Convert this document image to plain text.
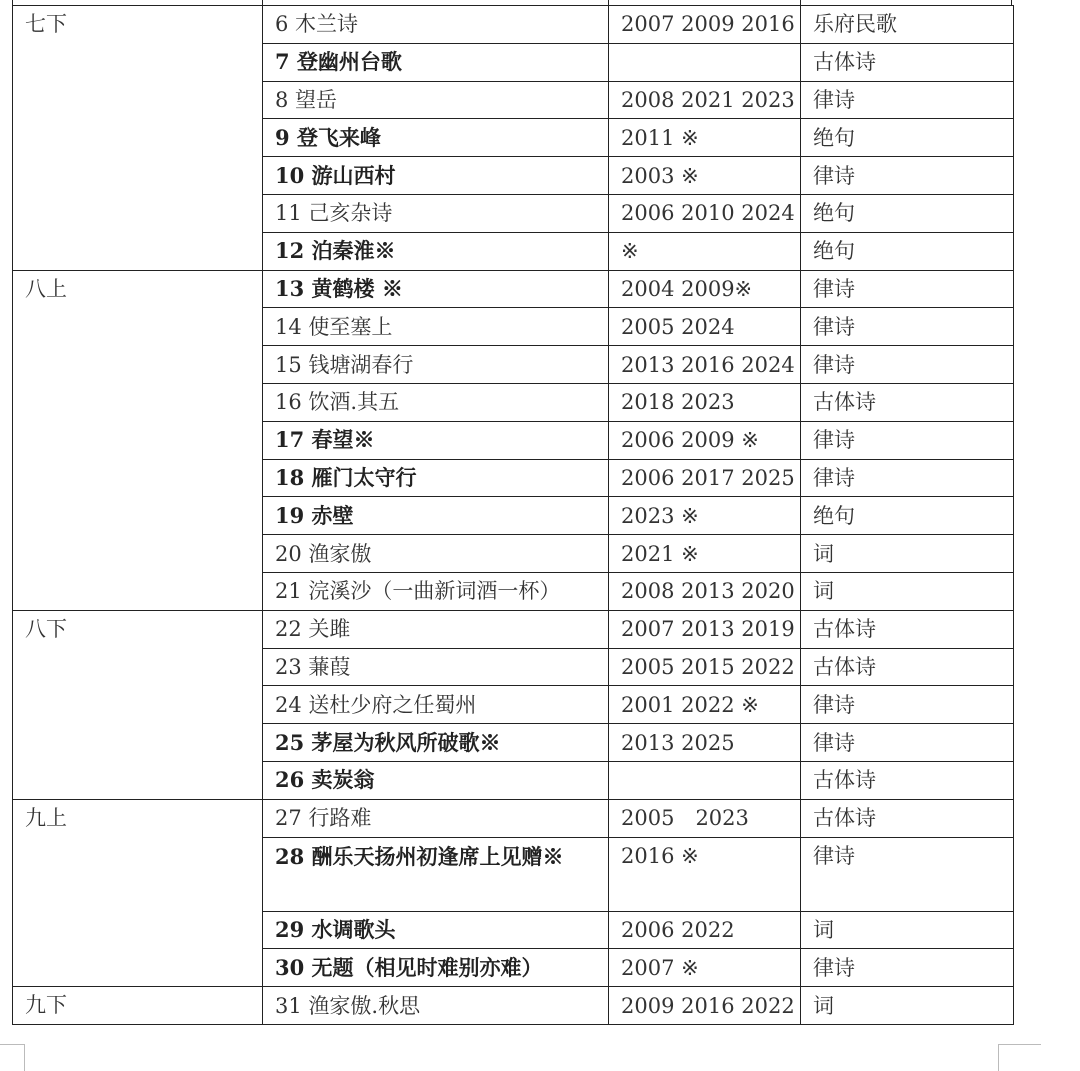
七下	6 木兰诗	2007 2009 2016	乐府民歌
	7 登幽州台歌		古体诗
	8 望岳	2008 2021 2023	律诗
	9 登飞来峰	2011 ※	绝句
	10 游山西村	2003 ※	律诗
	11 己亥杂诗	2006 2010 2024	绝句
	12 泊秦淮※	※	绝句
八上	13 黄鹤楼 ※	2004 2009※	律诗
	14 使至塞上	2005 2024	律诗
	15 钱塘湖春行	2013 2016 2024	律诗
	16 饮酒.其五	2018 2023	古体诗
	17 春望※	2006 2009 ※	律诗
	18 雁门太守行	2006 2017 2025	律诗
	19 赤壁	2023 ※	绝句
	20 渔家傲	2021 ※	词
	21 浣溪沙（一曲新词酒一杯）	2008 2013 2020	词
八下	22 关雎	2007 2013 2019	古体诗
	23 蒹葭	2005 2015 2022	古体诗
	24 送杜少府之任蜀州	2001 2022 ※	律诗
	25 茅屋为秋风所破歌※	2013 2025	律诗
	26 卖炭翁		古体诗
九上	27 行路难	2005　2023	古体诗
	28 酬乐天扬州初逢席上见赠※	2016 ※	律诗
	29 水调歌头	2006 2022	词
	30 无题（相见时难别亦难）	2007 ※	律诗
九下	31 渔家傲.秋思	2009 2016 2022	词
